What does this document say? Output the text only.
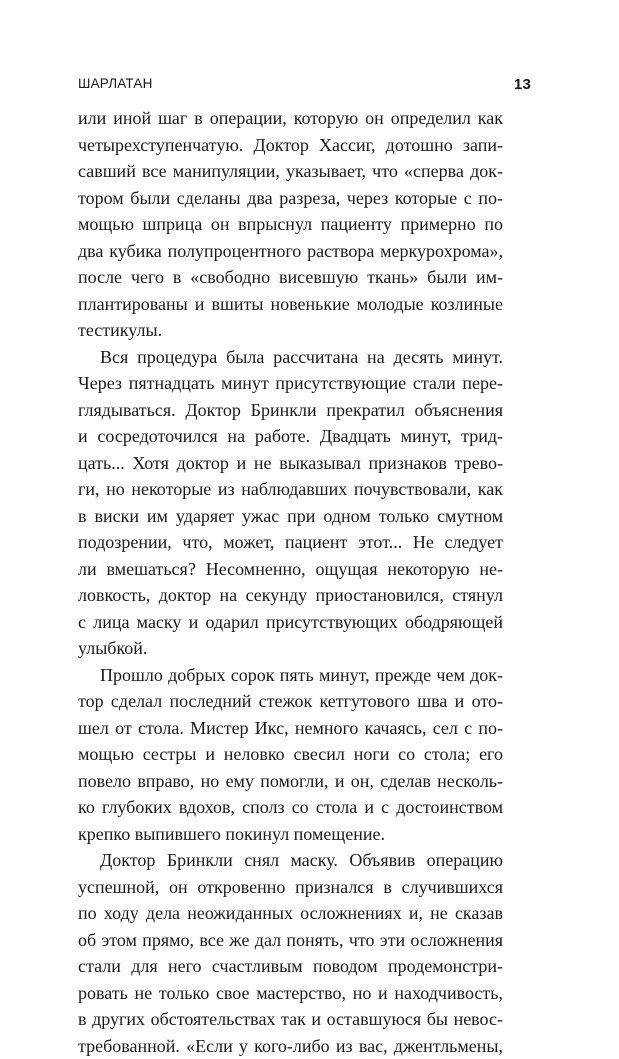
ШАРЛАТАН	13
или иной шаг в операции, которую он определил как
четырехступенчатую. Доктор Хассиг, дотошно запи-
савший все манипуляции, указывает, что «сперва док-
тором были сделаны два разреза, через которые с по-
мощью шприца он впрыснул пациенту примерно по
два кубика полупроцентного раствора меркурохрома»,
после чего в «свободно висевшую ткань» были им-
плантированы и вшиты новенькие молодые козлиные
тестикулы.
Вся процедура была рассчитана на десять минут.
Через пятнадцать минут присутствующие стали пере-
глядываться. Доктор Бринкли прекратил объяснения
и сосредоточился на работе. Двадцать минут, трид-
цать... Хотя доктор и не выказывал признаков трево-
ги, но некоторые из наблюдавших почувствовали, как
в виски им ударяет ужас при одном только смутном
подозрении, что, может, пациент этот... Не следует
ли вмешаться? Несомненно, ощущая некоторую не-
ловкость, доктор на секунду приостановился, стянул
с лица маску и одарил присутствующих ободряющей
улыбкой.
Прошло добрых сорок пять минут, прежде чем док-
тор сделал последний стежок кетгутового шва и ото-
шел от стола. Мистер Икс, немного качаясь, сел с по-
мощью сестры и неловко свесил ноги со стола; его
повело вправо, но ему помогли, и он, сделав несколь-
ко глубоких вдохов, сполз со стола и с достоинством
крепко выпившего покинул помещение.
Доктор Бринкли снял маску. Объявив операцию
успешной, он откровенно признался в случившихся
по ходу дела неожиданных осложнениях и, не сказав
об этом прямо, все же дал понять, что эти осложнения
стали для него счастливым поводом продемонстри-
ровать не только свое мастерство, но и находчивость,
в других обстоятельствах так и оставшуюся бы невос-
требованной. «Если у кого-либо из вас, джентльмены,
